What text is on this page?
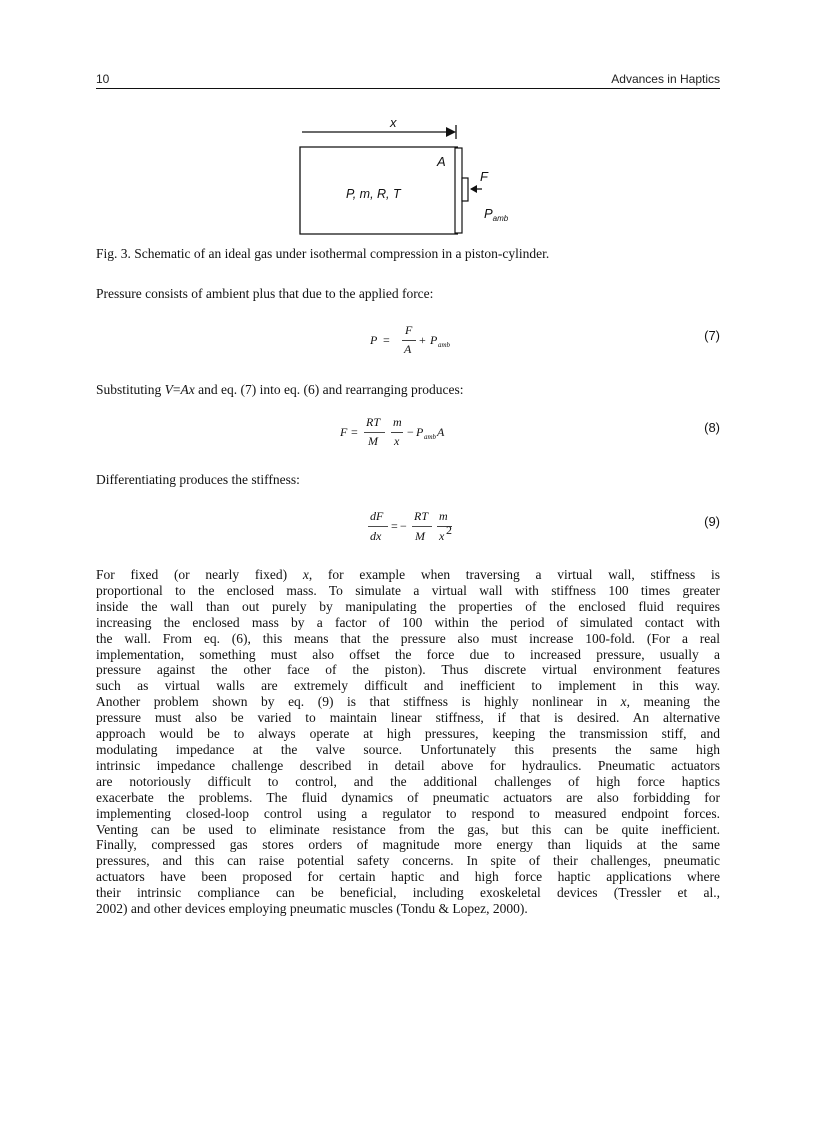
10	Advances in Haptics
x
A
F
P, m, R, T
$P_{amb}$
Fig. 3. Schematic of an ideal gas under isothermal compression in a piston-cylinder.
Pressure consists of ambient plus that due to the applied force:
P =
F
A
+ P amb
(7)
Substituting V=Ax and eq. (7) into eq. (6) and rearranging produces:
F =
RT
M
m
x
− P amb A	(8)
Differentiating produces the stiffness:
dF
dx
= −
RT
M
m
x 2
(9)
For fixed (or nearly fixed) x, for example when traversing a virtual wall, stiffness is
proportional to the enclosed mass. To simulate a virtual wall with stiffness 100 times greater
inside the wall than out purely by manipulating the properties of the enclosed fluid requires
increasing the enclosed mass by a factor of 100 within the period of simulated contact with
the wall. From eq. (6), this means that the pressure also must increase 100-fold. (For a real
implementation, something must also offset the force due to increased pressure, usually a
pressure against the other face of the piston). Thus discrete virtual environment features
such as virtual walls are extremely difficult and inefficient to implement in this way.
Another problem shown by eq. (9) is that stiffness is highly nonlinear in x, meaning the
pressure must also be varied to maintain linear stiffness, if that is desired. An alternative
approach would be to always operate at high pressures, keeping the transmission stiff, and
modulating impedance at the valve source. Unfortunately this presents the same high
intrinsic impedance challenge described in detail above for hydraulics. Pneumatic actuators
are notoriously difficult to control, and the additional challenges of high force haptics
exacerbate the problems. The fluid dynamics of pneumatic actuators are also forbidding for
implementing closed-loop control using a regulator to respond to measured endpoint forces.
Venting can be used to eliminate resistance from the gas, but this can be quite inefficient.
Finally, compressed gas stores orders of magnitude more energy than liquids at the same
pressures, and this can raise potential safety concerns. In spite of their challenges, pneumatic
actuators have been proposed for certain haptic and high force haptic applications where
their intrinsic compliance can be beneficial, including exoskeletal devices (Tressler et al.,
2002) and other devices employing pneumatic muscles (Tondu & Lopez, 2000).
